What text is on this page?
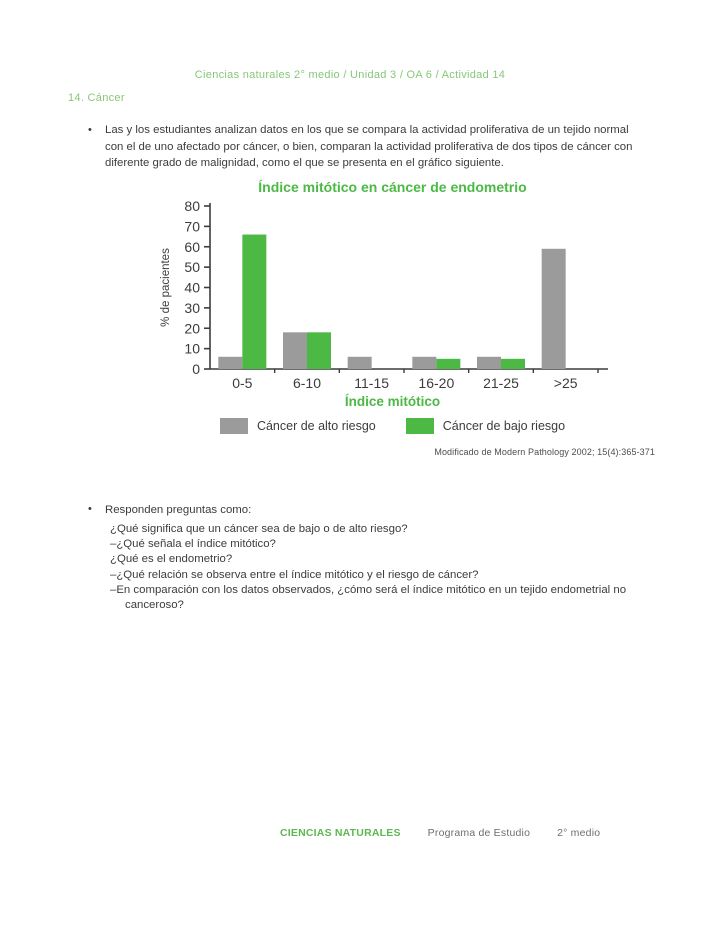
Ciencias naturales 2° medio / Unidad 3 / OA 6 / Actividad 14
14. Cáncer
•	Las y los estudiantes analizan datos en los que se compara la actividad proliferativa de un tejido normal con el de uno afectado por cáncer, o bien, comparan la actividad proliferativa de dos tipos de cáncer con diferente grado de malignidad, como el que se presenta en el gráfico siguiente.
Índice mitótico en cáncer de endometrio
0
10
20
30
40
50
60
70
80
0-5	6-10 11-15 16-20 21-25 >25
% de pacientes
Índice mitótico
Cáncer de alto riesgo	Cáncer de bajo riesgo
Modificado de Modern Pathology 2002; 15(4):365-371
•	Responden preguntas como:
¿Qué significa que un cáncer sea de bajo o de alto riesgo?
–¿Qué señala el índice mitótico?
¿Qué es el endometrio?
–¿Qué relación se observa entre el índice mitótico y el riesgo de cáncer?
–En comparación con los datos observados, ¿cómo será el índice mitótico en un tejido endometrial no canceroso?
CIENCIAS NATURALES	Programa de Estudio	2° medio
